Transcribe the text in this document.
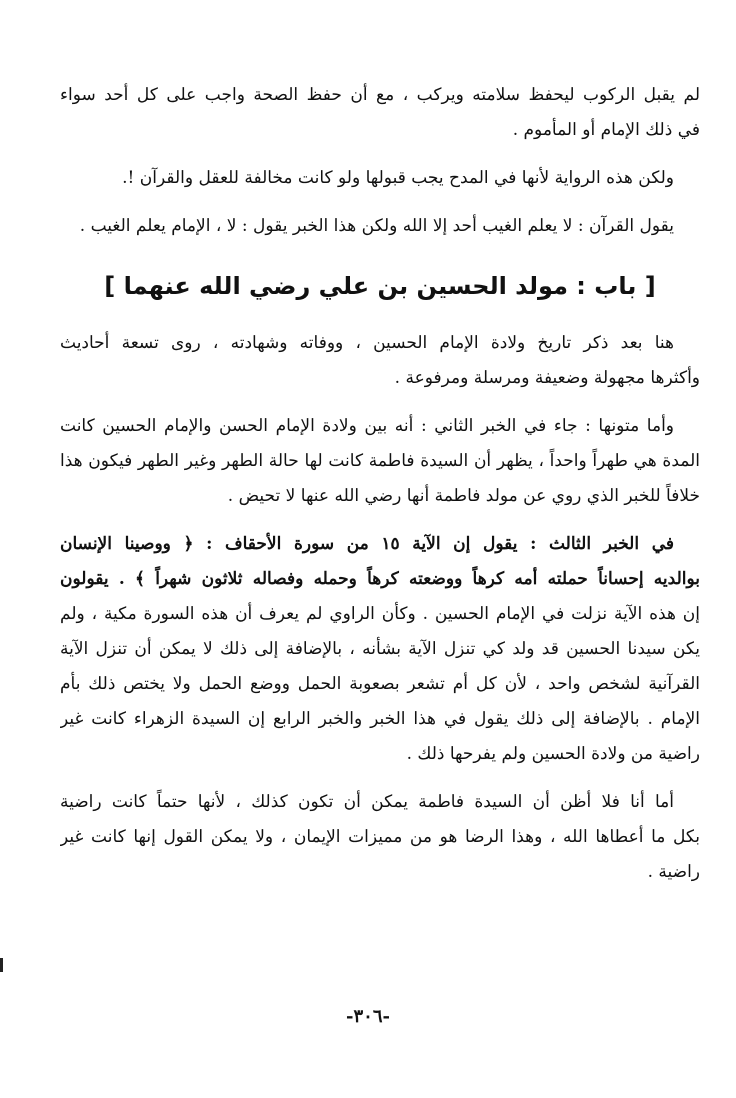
لم يقبل الركوب ليحفظ سلامته ويركب ، مع أن حفظ الصحة واجب على كل أحد سواء
في ذلك الإمام أو المأموم .

ولكن هذه الرواية لأنها في المدح يجب قبولها ولو كانت مخالفة للعقل والقرآن !.

يقول القرآن : لا يعلم الغيب أحد إلا الله ولكن هذا الخبر يقول : لا ، الإمام يعلم الغيب .

[ باب : مولد الحسين بن علي رضي الله عنهما ]

هنا بعد ذكر تاريخ ولادة الإمام الحسين ، ووفاته وشهادته ، روى تسعة أحاديث
وأكثرها مجهولة وضعيفة ومرسلة ومرفوعة .

وأما متونها : جاء في الخبر الثاني : أنه بين ولادة الإمام الحسن والإمام الحسين كانت
المدة هي طهراً واحداً ، يظهر أن السيدة فاطمة كانت لها حالة الطهر وغير الطهر فيكون هذا
خلافاً للخبر الذي روي عن مولد فاطمة أنها رضي الله عنها لا تحيض .

في الخبر الثالث : يقول إن الآية ١٥ من سورة الأحقاف : ﴿ ووصينا الإنسان
بوالديه إحساناً حملته أمه كرهاً ووضعته كرهاً وحمله وفصاله ثلاثون شهراً ﴾ . يقولون
إن هذه الآية نزلت في الإمام الحسين . وكأن الراوي لم يعرف أن هذه السورة مكية ، ولم
يكن سيدنا الحسين قد ولد كي تنزل الآية بشأنه ، بالإضافة إلى ذلك لا يمكن أن تنزل الآية
القرآنية لشخص واحد ، لأن كل أم تشعر بصعوبة الحمل ووضع الحمل ولا يختص ذلك بأم
الإمام . بالإضافة إلى ذلك يقول في هذا الخبر والخبر الرابع إن السيدة الزهراء كانت غير
راضية من ولادة الحسين ولم يفرحها ذلك .

أما أنا فلا أظن أن السيدة فاطمة يمكن أن تكون كذلك ، لأنها حتماً كانت راضية
بكل ما أعطاها الله ، وهذا الرضا هو من مميزات الإيمان ، ولا يمكن القول إنها كانت غير
راضية .

-٣٠٦-
